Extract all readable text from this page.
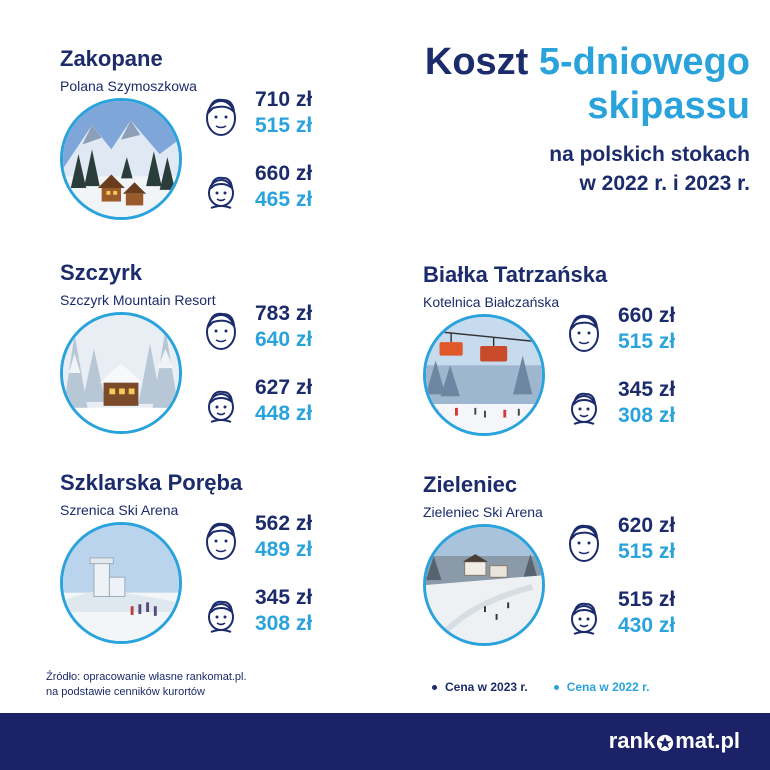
Koszt 5-dniowego
skipassu
na polskich stokach
w 2022 r. i 2023 r.
Zakopane
Polana Szymoszkowa
710 zł
515 zł
660 zł
465 zł
Szczyrk
Szczyrk Mountain Resort
783 zł
640 zł
627 zł
448 zł
Białka Tatrzańska
Kotelnica Białczańska
660 zł
515 zł
345 zł
308 zł
Szklarska Poręba
Szrenica Ski Arena
562 zł
489 zł
345 zł
308 zł
Zieleniec
Zieleniec Ski Arena
620 zł
515 zł
515 zł
430 zł
Źródło: opracowanie własne rankomat.pl.
na podstawie cenników kurortów	Cena w 2023 r.	Cena w 2022 r.
rank mat.pl
